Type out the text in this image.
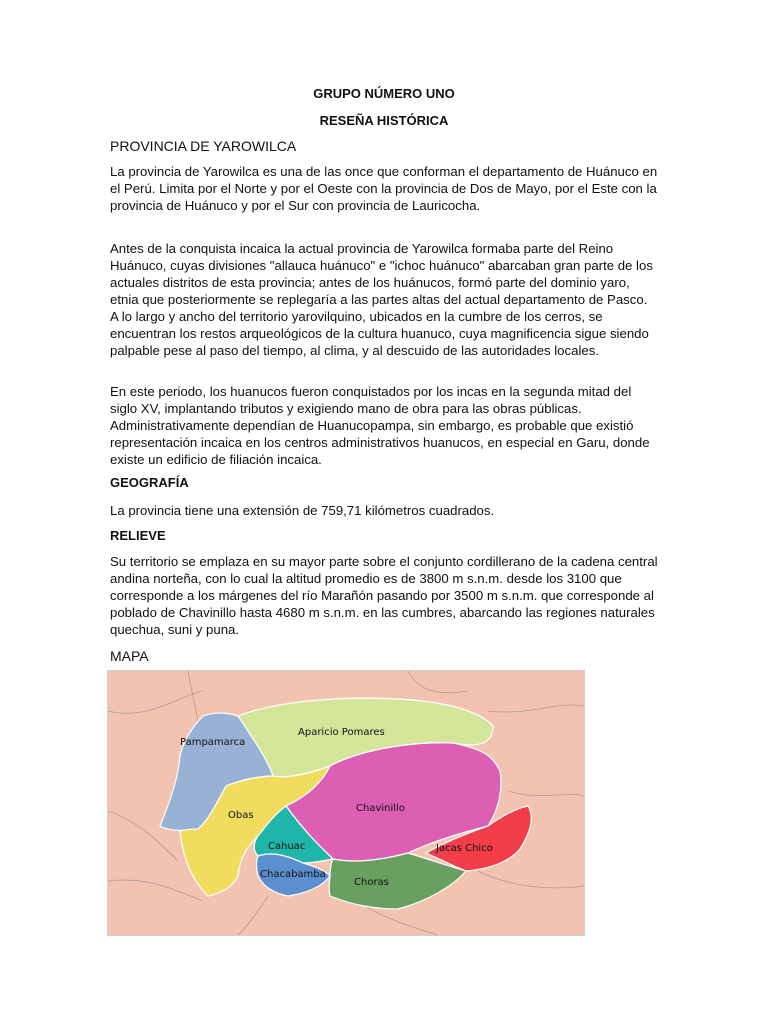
GRUPO NÚMERO UNO
RESEÑA HISTÓRICA
PROVINCIA DE YAROWILCA

La provincia de Yarowilca es una de las once que conforman el departamento de Huánuco en el Perú. Limita por el Norte y por el Oeste con la provincia de Dos de Mayo, por el Este con la provincia de Huánuco y por el Sur con provincia de Lauricocha.

Antes de la conquista incaica la actual provincia de Yarowilca formaba parte del Reino Huánuco, cuyas divisiones "allauca huánuco" e "ichoc huánuco" abarcaban gran parte de los actuales distritos de esta provincia; antes de los huánucos, formó parte del dominio yaro, etnia que posteriormente se replegaría a las partes altas del actual departamento de Pasco. A lo largo y ancho del territorio yarovilquino, ubicados en la cumbre de los cerros, se encuentran los restos arqueológicos de la cultura huanuco, cuya magnificencia sigue siendo palpable pese al paso del tiempo, al clima, y al descuido de las autoridades locales.

En este periodo, los huanucos fueron conquistados por los incas en la segunda mitad del siglo XV, implantando tributos y exigiendo mano de obra para las obras públicas. Administrativamente dependían de Huanucopampa, sin embargo, es probable que existió representación incaica en los centros administrativos huanucos, en especial en Garu, donde existe un edificio de filiación incaica.

GEOGRAFÍA

La provincia tiene una extensión de 759,71 kilómetros cuadrados.

RELIEVE

Su territorio se emplaza en su mayor parte sobre el conjunto cordillerano de la cadena central andina norteña, con lo cual la altitud promedio es de 3800 m s.n.m. desde los 3100 que corresponde a los márgenes del río Marañón pasando por 3500 m s.n.m. que corresponde al poblado de Chavinillo hasta 4680 m s.n.m. en las cumbres, abarcando las regiones naturales quechua, suni y puna.

MAPA
Pampamarca
Aparicio Pomares
Obas
Chavinillo
Cahuac	Jacas Chico
Chacabamba
Choras
